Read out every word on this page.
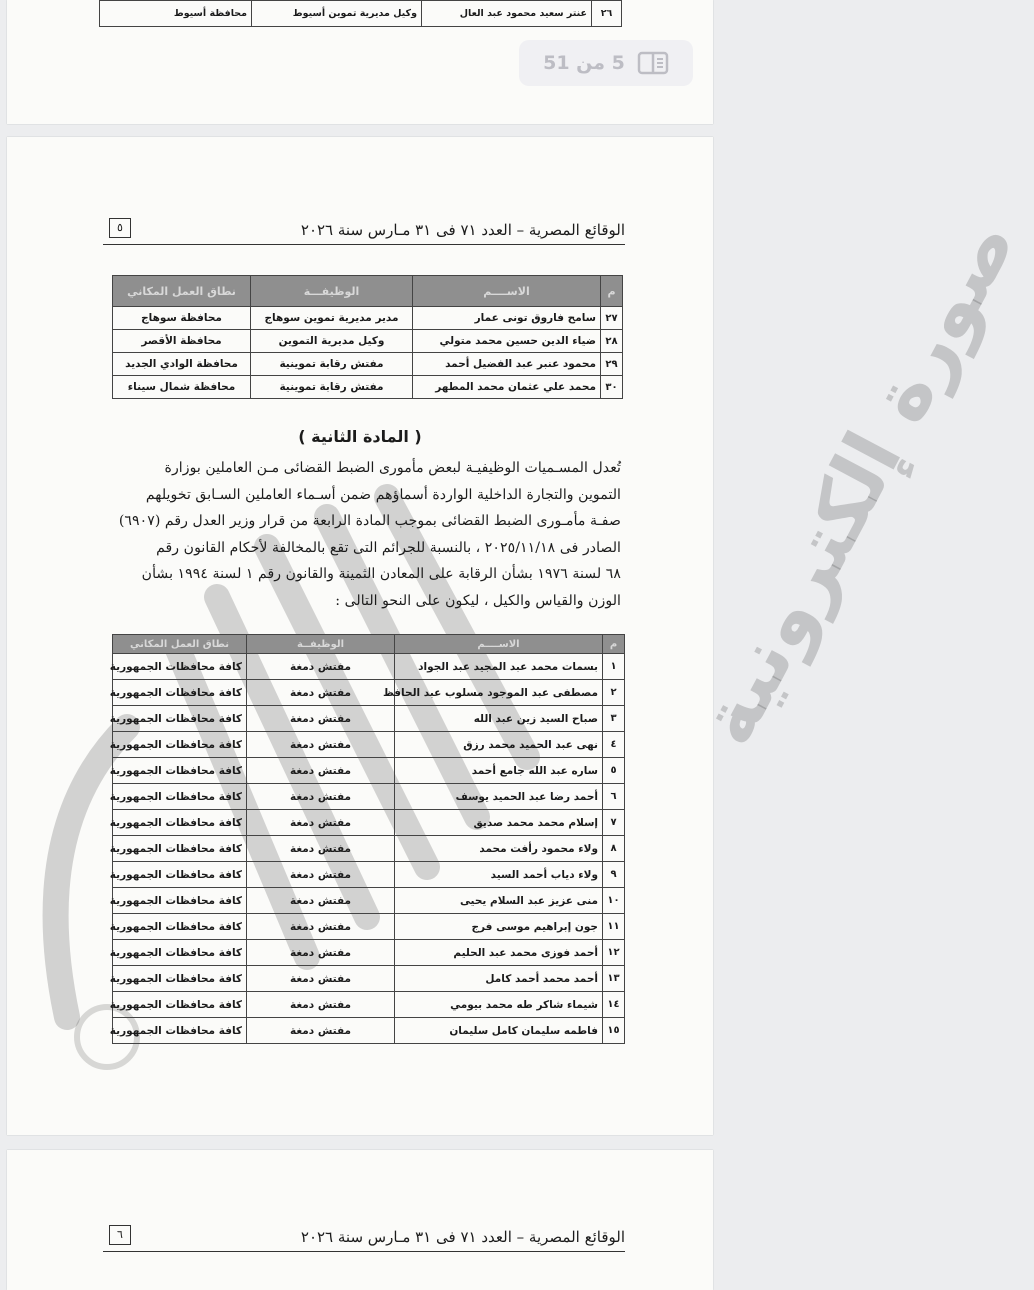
٢٦	عنتر سعيد محمود عبد العال	وكيل مديرية تموين أسيوط	محافظة أسيوط
5 من 51
الوقائع المصرية – العدد ٧١ فى ٣١ مـارس سنة ٢٠٢٦
٥
م	الاســــم	الوظيفـــة	نطاق العمل المكاني
٢٧	سامح فاروق تونى عمار	مدير مديرية تموين سوهاج	محافظة سوهاج
٢٨	ضياء الدين حسين محمد متولي	وكيل مديرية التموين	محافظة الأقصر
٢٩	محمود عنبر عبد الفضيل أحمد	مفتش رقابة تموينية	محافظة الوادي الجديد
٣٠	محمد علي عثمان محمد المطهر	مفتش رقابة تموينية	محافظة شمال سيناء	صورة إلكترونية
( المادة الثانية )

تُعدل المسـميات الوظيفيـة لبعض مأمورى الضبط القضائى مـن العاملين بوزارة

التموين والتجارة الداخلية الواردة أسماؤهم ضمن أسـماء العاملين السـابق تخويلهم

صفـة مأمـورى الضبط القضائى بموجب المادة الرابعة من قرار وزير العدل رقم (٦٩٠٧)

الصادر فى ٢٠٢٥/١١/١٨ ، بالنسبة للجرائم التى تقع بالمخالفة لأحكام القانون رقم

٦٨ لسنة ١٩٧٦ بشأن الرقابة على المعادن الثمينة والقانون رقم ١ لسنة ١٩٩٤ بشأن

الوزن والقياس والكيل ، ليكون على النحو التالى :

م	الاســــم	الوظيفــة	نطاق العمل المكاني
١	بسمات محمد عبد المجيد عبد الجواد	مفتش دمغة	كافة محافظات الجمهورية
٢	مصطفى عبد الموجود مسلوب عبد الحافظ	مفتش دمغة	كافة محافظات الجمهورية
٣	صباح السيد زين عبد الله	مفتش دمغة	كافة محافظات الجمهورية
٤	نهى عبد الحميد محمد رزق	مفتش دمغة	كافة محافظات الجمهورية
٥	ساره عبد الله جامع أحمد	مفتش دمغة	كافة محافظات الجمهورية
٦	أحمد رضا عبد الحميد يوسف	مفتش دمغة	كافة محافظات الجمهورية
٧	إسلام محمد محمد صديق	مفتش دمغة	كافة محافظات الجمهورية
٨	ولاء محمود رأفت محمد	مفتش دمغة	كافة محافظات الجمهورية
٩	ولاء دياب أحمد السيد	مفتش دمغة	كافة محافظات الجمهورية
١٠	منى عزيز عبد السلام يحيى	مفتش دمغة	كافة محافظات الجمهورية
١١	جون إبراهيم موسى فرج	مفتش دمغة	كافة محافظات الجمهورية
١٢	أحمد فوزى محمد عبد الحليم	مفتش دمغة	كافة محافظات الجمهورية
١٣	أحمد محمد أحمد كامل	مفتش دمغة	كافة محافظات الجمهورية
١٤	شيماء شاكر طه محمد بيومي	مفتش دمغة	كافة محافظات الجمهورية
١٥	فاطمه سليمان كامل سليمان	مفتش دمغة	كافة محافظات الجمهورية
الوقائع المصرية – العدد ٧١ فى ٣١ مـارس سنة ٢٠٢٦
٦
